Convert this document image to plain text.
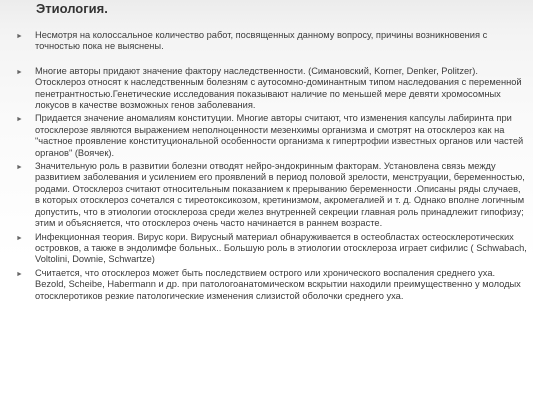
Этиология.
►	Несмотря на колоссальное количество работ, посвященных данному вопросу, причины возникновения с точностью пока не выяснены.
►	Многие авторы придают значение фактору наследственности. (Симановский, Korner, Denker, Politzer). Отосклероз относят к наследственным болезням с аутосомно-доминантным типом наследования с переменной пенетрантностью.Генетические исследования показывают наличие по меньшей мере девяти хромосомных локусов в качестве возможных генов заболевания.
►	Придается значение аномалиям конституции. Многие авторы считают, что изменения капсулы лабиринта при отосклерозе являются выражением неполноценности мезенхимы организма и смотрят на отосклероз как на "частное проявление конституциональной особенности организма к гипертрофии известных органов или частей органов" (Воячек).
►	Значительную роль в развитии болезни отводят нейро-эндокринным факторам. Установлена связь между развитием заболевания и усилением его проявлений в период половой зрелости, менструации, беременностью, родами. Отосклероз считают относительным показанием к прерыванию беременности .Описаны ряды случаев, в которых отосклероз сочетался с тиреотоксикозом, кретинизмом, акромегалией и т. д. Однако вполне логичным допустить, что в этиологии отосклероза среди желез внутренней секреции главная роль принадлежит гипофизу; этим и объясняется, что отосклероз очень часто начинается в раннем возрасте.
►	Инфекционная теория. Вирус кори. Вирусный материал обнаруживается в остеобластах остеосклеротических островков, а также в эндолимфе больных.. Большую роль в этиологии отосклероза играет сифилис ( Schwabach, Voltolini, Downie, Schwartze)
►	Считается, что отосклероз может быть последствием острого или хронического воспаления среднего уха. Bezold, Scheibe, Habermann и др. при патологоанатомическом вскрытии находили преимущественно у молодых отосклеротиков резкие патологические изменения слизистой оболочки среднего уха.
